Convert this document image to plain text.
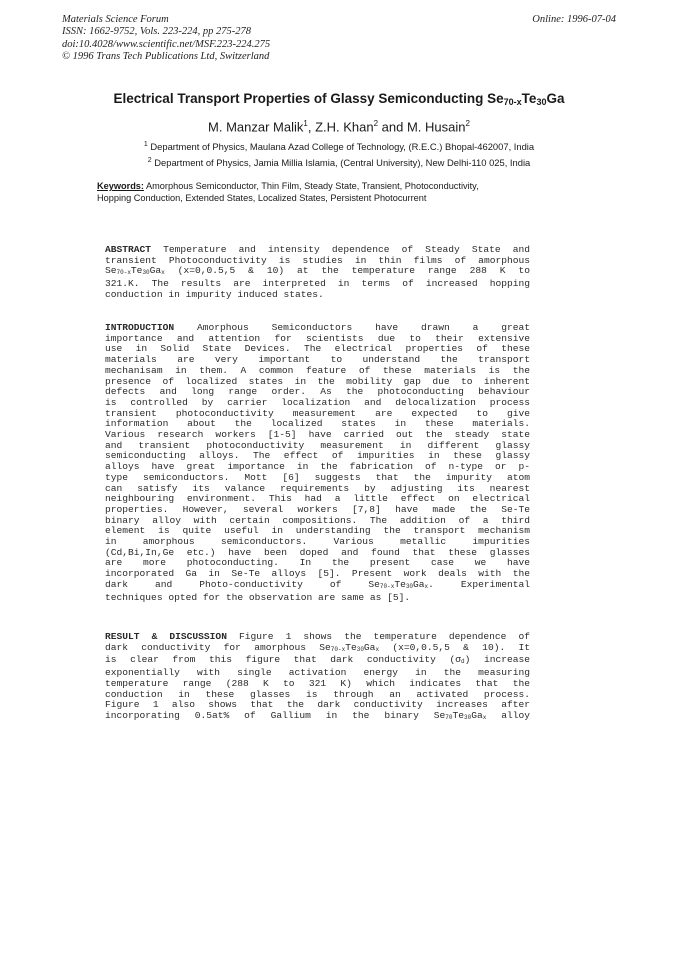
Materials Science Forum
ISSN: 1662-9752, Vols. 223-224, pp 275-278
doi:10.4028/www.scientific.net/MSF.223-224.275
© 1996 Trans Tech Publications Ltd, Switzerland
Online: 1996-07-04
Electrical Transport Properties of Glassy Semiconducting $Se_{70-x}Te_{30}Ga$
M. Manzar Malik$^1$, Z.H. Khan$^2$ and M. Husain$^2$
$^1$ Department of Physics, Maulana Azad College of Technology, (R.E.C.) Bhopal-462007, India
$^2$ Department of Physics, Jamia Millia Islamia, (Central University), New Delhi-110 025, India
Keywords: Amorphous Semiconductor, Thin Film, Steady State, Transient, Photoconductivity,
Hopping Conduction, Extended States, Localized States, Persistent Photocurrent
ABSTRACT Temperature and intensity dependence of Steady State and
transient Photoconductivity is studies in thin films of amorphous
Se70-xTe30Gax (x=0,0.5,5 & 10) at the temperature range 288 K to
321.K. The results are interpreted in terms of increased hopping
conduction in impurity induced states.
INTRODUCTION Amorphous Semiconductors have drawn a great
importance and attention for scientists due to their extensive
use in Solid State Devices. The electrical properties of these
materials are very important to understand the transport
mechanisam in them. A common feature of these materials is the
presence of localized states in the mobility gap due to inherent
defects and long range order. As the photoconducting behaviour
is controlled by carrier localization and delocalization process
transient photoconductivity measurement are expected to give
information about the localized states in these materials.
Various research workers [1-5] have carried out the steady state
and transient photoconductivity measurement in different glassy
semiconducting alloys. The effect of impurities in these glassy
alloys have great importance in the fabrication of n-type or p-
type semiconductors. Mott [6] suggests that the impurity atom
can satisfy its valance requirements by adjusting its nearest
neighbouring environment. This had a little effect on electrical
properties. However, several workers [7,8] have made the Se-Te
binary alloy with certain compositions. The addition of a third
element is quite useful in understanding the transport mechanism
in amorphous semiconductors. Various metallic impurities
(Cd,Bi,In,Ge etc.) have been doped and found that these glasses
are more photoconducting. In the present case we have
incorporated Ga in Se-Te alloys [5]. Present work deals with the
dark and Photo-conductivity of Se70-xTe30Gax. Experimental
techniques opted for the observation are same as [5].
RESULT & DISCUSSION Figure 1 shows the temperature dependence of
dark conductivity for amorphous Se70-xTe30Gax (x=0,0.5,5 & 10). It
is clear from this figure that dark conductivity (σd) increase
exponentially with single activation energy in the measuring
temperature range (288 K to 321 K) which indicates that the
conduction in these glasses is through an activated process.
Figure 1 also shows that the dark conductivity increases after
incorporating 0.5at% of Gallium in the binary Se70Te30Gax alloy
